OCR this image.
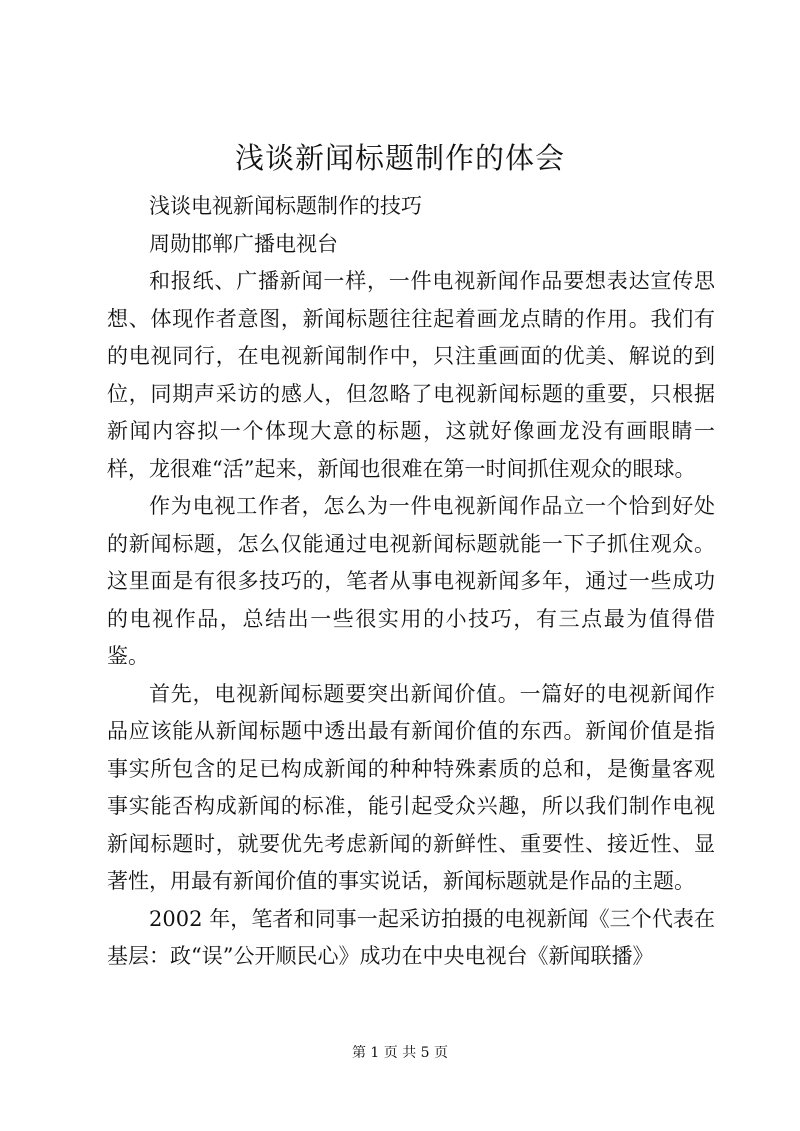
浅谈新闻标题制作的体会

浅谈电视新闻标题制作的技巧

周勋邯郸广播电视台

和报纸、广播新闻一样，一件电视新闻作品要想表达宣传思想、体现作者意图，新闻标题往往起着画龙点睛的作用。我们有的电视同行，在电视新闻制作中，只注重画面的优美、解说的到位，同期声采访的感人，但忽略了电视新闻标题的重要，只根据新闻内容拟一个体现大意的标题，这就好像画龙没有画眼睛一样，龙很难“活”起来，新闻也很难在第一时间抓住观众的眼球。

作为电视工作者，怎么为一件电视新闻作品立一个恰到好处的新闻标题，怎么仅能通过电视新闻标题就能一下子抓住观众。这里面是有很多技巧的，笔者从事电视新闻多年，通过一些成功的电视作品，总结出一些很实用的小技巧，有三点最为值得借鉴。

首先，电视新闻标题要突出新闻价值。一篇好的电视新闻作品应该能从新闻标题中透出最有新闻价值的东西。新闻价值是指事实所包含的足已构成新闻的种种特殊素质的总和，是衡量客观事实能否构成新闻的标准，能引起受众兴趣，所以我们制作电视新闻标题时，就要优先考虑新闻的新鲜性、重要性、接近性、显著性，用最有新闻价值的事实说话，新闻标题就是作品的主题。

2002 年，笔者和同事一起采访拍摄的电视新闻《三个代表在基层：政“误”公开顺民心》成功在中央电视台《新闻联播》

第 1 页 共 5 页
